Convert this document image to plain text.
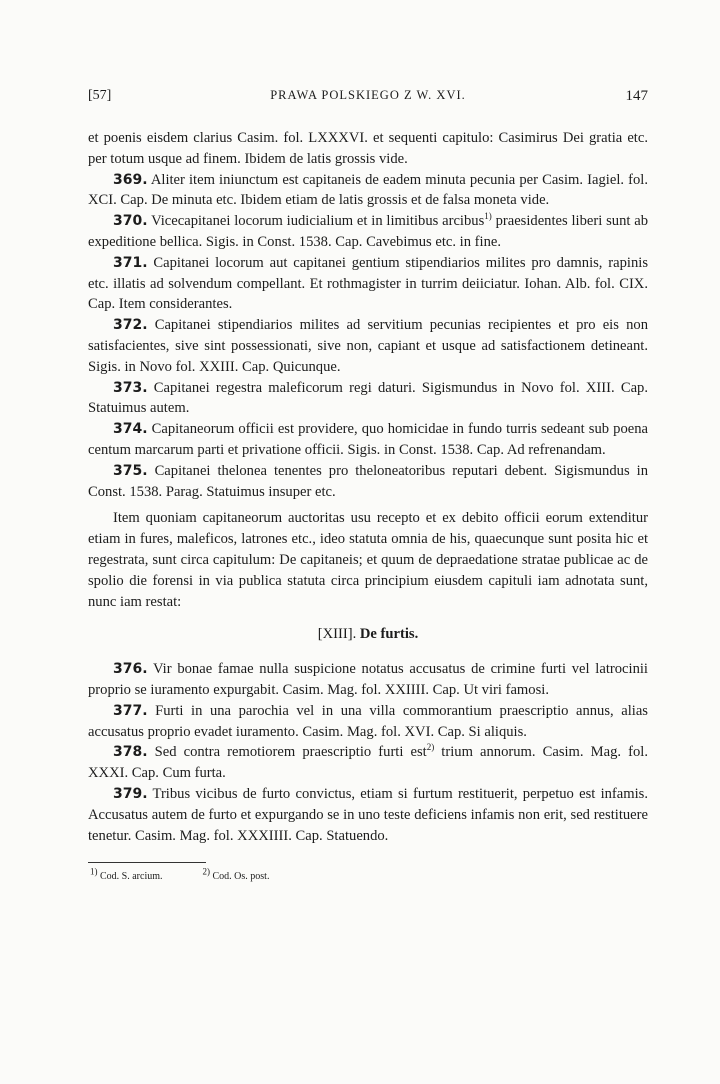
[57]	PRAWA POLSKIEGO Z W. XVI.	147

et poenis eisdem clarius Casim. fol. LXXXVI. et sequenti capitulo: Casimirus Dei gratia etc. per totum usque ad finem. Ibidem de latis grossis vide.

369. Aliter item iniunctum est capitaneis de eadem minuta pecunia per Casim. Iagiel. fol. XCI. Cap. De minuta etc. Ibidem etiam de latis grossis et de falsa moneta vide.

370. Vicecapitanei locorum iudicialium et in limitibus arcibus$^{1)}$ praesidentes liberi sunt ab expeditione bellica. Sigis. in Const. 1538. Cap. Cavebimus etc. in fine.

371. Capitanei locorum aut capitanei gentium stipendiarios milites pro damnis, rapinis etc. illatis ad solvendum compellant. Et rothmagister in turrim deiiciatur. Iohan. Alb. fol. CIX. Cap. Item considerantes.

372. Capitanei stipendiarios milites ad servitium pecunias recipientes et pro eis non satisfacientes, sive sint possessionati, sive non, capiant et usque ad satisfactionem detineant. Sigis. in Novo fol. XXIII. Cap. Quicunque.

373. Capitanei regestra maleficorum regi daturi. Sigismundus in Novo fol. XIII. Cap. Statuimus autem.

374. Capitaneorum officii est providere, quo homicidae in fundo turris sedeant sub poena centum marcarum parti et privatione officii. Sigis. in Const. 1538. Cap. Ad refrenandam.

375. Capitanei thelonea tenentes pro theloneatoribus reputari debent. Sigismundus in Const. 1538. Parag. Statuimus insuper etc.

Item quoniam capitaneorum auctoritas usu recepto et ex debito officii eorum extenditur etiam in fures, maleficos, latrones etc., ideo statuta omnia de his, quaecunque sunt posita hic et regestrata, sunt circa capitulum: De capitaneis; et quum de depraedatione stratae publicae ac de spolio die forensi in via publica statuta circa principium eiusdem capituli iam adnotata sunt, nunc iam restat:

[XIII]. De furtis.

376. Vir bonae famae nulla suspicione notatus accusatus de crimine furti vel latrocinii proprio se iuramento expurgabit. Casim. Mag. fol. XXIIII. Cap. Ut viri famosi.

377. Furti in una parochia vel in una villa commorantium praescriptio annus, alias accusatus proprio evadet iuramento. Casim. Mag. fol. XVI. Cap. Si aliquis.

378. Sed contra remotiorem praescriptio furti est$^{2)}$ trium annorum. Casim. Mag. fol. XXXI. Cap. Cum furta.

379. Tribus vicibus de furto convictus, etiam si furtum restituerit, perpetuo est infamis. Accusatus autem de furto et expurgando se in uno teste deficiens infamis non erit, sed restituere tenetur. Casim. Mag. fol. XXXIIII. Cap. Statuendo.

$^{1)}$ Cod. S. arcium.	$^{2)}$ Cod. Os. post.
